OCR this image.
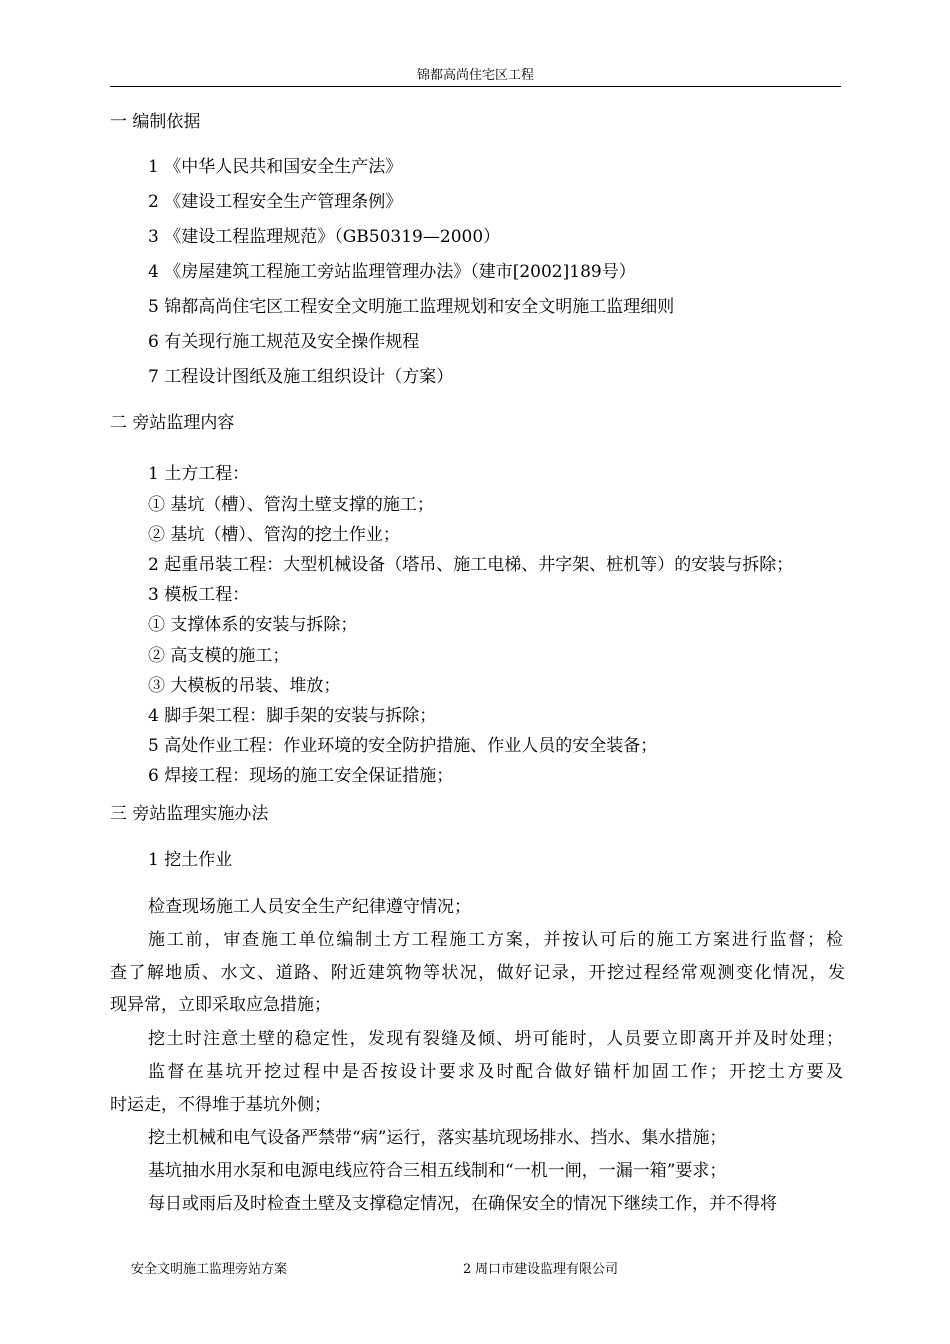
锦都高尚住宅区工程
一 编制依据
1 《中华人民共和国安全生产法》
2 《建设工程安全生产管理条例》
3 《建设工程监理规范》（GB50319—2000）
4 《房屋建筑工程施工旁站监理管理办法》（建市[2002]189号）
5 锦都高尚住宅区工程安全文明施工监理规划和安全文明施工监理细则
6 有关现行施工规范及安全操作规程
7 工程设计图纸及施工组织设计（方案）
二 旁站监理内容
1 土方工程：
① 基坑（槽）、管沟土壁支撑的施工；
② 基坑（槽）、管沟的挖土作业；
2 起重吊装工程：大型机械设备（塔吊、施工电梯、井字架、桩机等）的安装与拆除；
3 模板工程：
① 支撑体系的安装与拆除；
② 高支模的施工；
③ 大模板的吊装、堆放；
4 脚手架工程：脚手架的安装与拆除；
5 高处作业工程：作业环境的安全防护措施、作业人员的安全装备；
6 焊接工程：现场的施工安全保证措施；
三 旁站监理实施办法
1 挖土作业
检查现场施工人员安全生产纪律遵守情况；
施工前，审查施工单位编制土方工程施工方案，并按认可后的施工方案进行监督；检
查了解地质、水文、道路、附近建筑物等状况，做好记录，开挖过程经常观测变化情况，发
现异常，立即采取应急措施；
挖土时注意土壁的稳定性，发现有裂缝及倾、坍可能时，人员要立即离开并及时处理；
监督在基坑开挖过程中是否按设计要求及时配合做好锚杆加固工作；开挖土方要及
时运走，不得堆于基坑外侧；
挖土机械和电气设备严禁带“病”运行，落实基坑现场排水、挡水、集水措施；
基坑抽水用水泵和电源电线应符合三相五线制和“一机一闸，一漏一箱”要求；
每日或雨后及时检查土壁及支撑稳定情况，在确保安全的情况下继续工作，并不得将
安全文明施工监理旁站方案	2 周口市建设监理有限公司
